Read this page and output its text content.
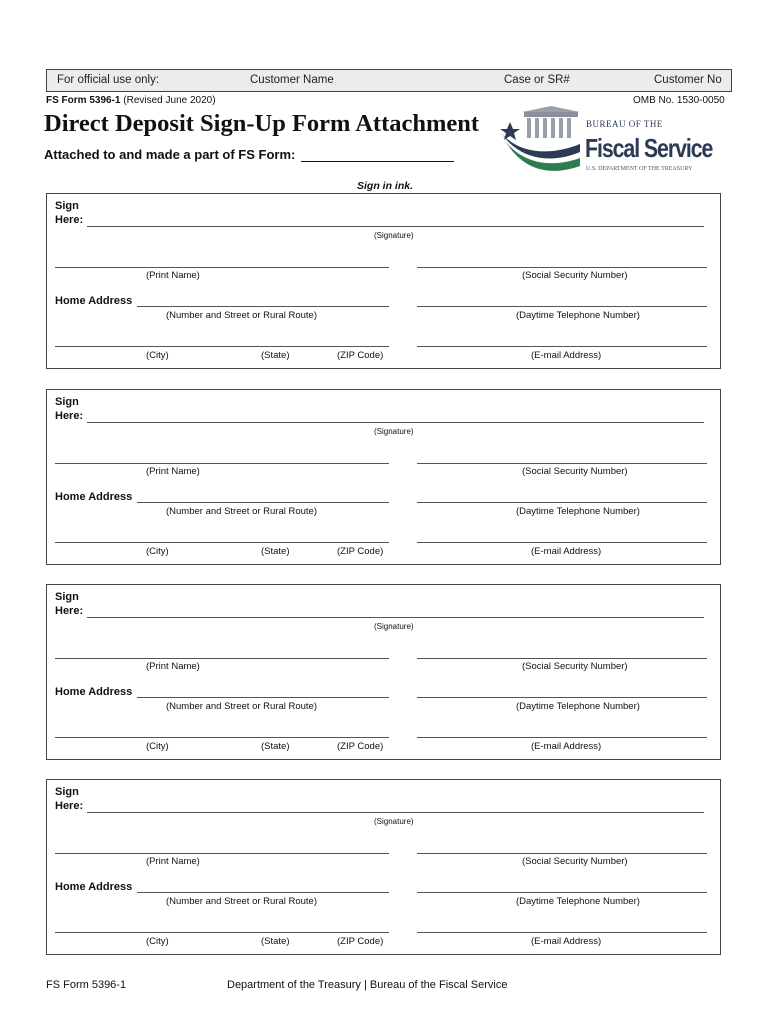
For official use only:	Customer Name	Case or SR#	Customer No
FS Form 5396-1 (Revised June 2020)	OMB No. 1530-0050
Direct Deposit Sign-Up Form Attachment
Attached to and made a part of FS Form:
BUREAU OF THE
Fiscal Service
U.S. DEPARTMENT OF THE TREASURY
Sign in ink.
Sign
Here:
(Signature)
(Print Name)	(Social Security Number)
Home Address
(Number and Street or Rural Route)	(Daytime Telephone Number)
(City)	(State)	(ZIP Code)	(E-mail Address)
Sign
Here:
(Signature)
(Print Name)	(Social Security Number)
Home Address
(Number and Street or Rural Route)	(Daytime Telephone Number)
(City)	(State)	(ZIP Code)	(E-mail Address)
Sign
Here:
(Signature)
(Print Name)	(Social Security Number)
Home Address
(Number and Street or Rural Route)	(Daytime Telephone Number)
(City)	(State)	(ZIP Code)	(E-mail Address)
Sign
Here:
(Signature)
(Print Name)	(Social Security Number)
Home Address
(Number and Street or Rural Route)	(Daytime Telephone Number)
(City)	(State)	(ZIP Code)	(E-mail Address)
FS Form 5396-1	Department of the Treasury | Bureau of the Fiscal Service
